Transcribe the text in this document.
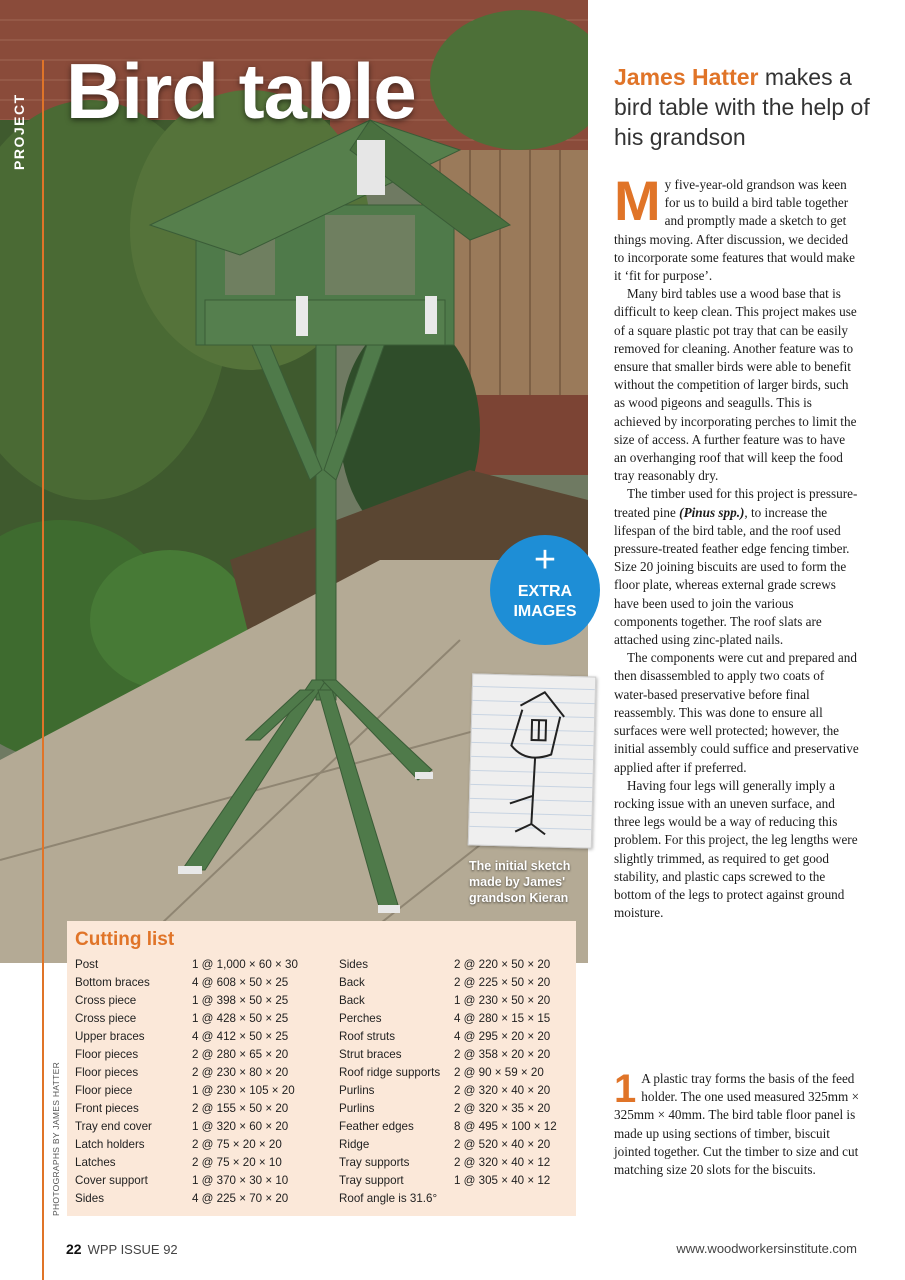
PROJECT Bird table
+
EXTRA
IMAGES
The initial sketch made by James' grandson Kieran
Cutting list
Post	1 @ 1,000 × 60 × 30
Bottom braces	4 @ 608 × 50 × 25
Cross piece	1 @ 398 × 50 × 25
Cross piece	1 @ 428 × 50 × 25
Upper braces	4 @ 412 × 50 × 25
Floor pieces	2 @ 280 × 65 × 20
Floor pieces	2 @ 230 × 80 × 20
Floor piece	1 @ 230 × 105 × 20
Front pieces	2 @ 155 × 50 × 20
Tray end cover	1 @ 320 × 60 × 20
Latch holders	2 @ 75 × 20 × 20
Latches	2 @ 75 × 20 × 10
Cover support	1 @ 370 × 30 × 10
Sides	4 @ 225 × 70 × 20
Sides	2 @ 220 × 50 × 20
Back	2 @ 225 × 50 × 20
Back	1 @ 230 × 50 × 20
Perches	4 @ 280 × 15 × 15
Roof struts	4 @ 295 × 20 × 20
Strut braces	2 @ 358 × 20 × 20
Roof ridge supports 2 @ 90 × 59 × 20
Purlins	2 @ 320 × 40 × 20
Purlins	2 @ 320 × 35 × 20
Feather edges	8 @ 495 × 100 × 12
Ridge	2 @ 520 × 40 × 20
Tray supports	2 @ 320 × 40 × 12
Tray support	1 @ 305 × 40 × 12
Roof angle is 31.6°
PHOTOGRAPHS BY JAMES HATTER
James Hatter makes a bird table with the help of his grandson

My five-year-old grandson was keen for us to build a bird table together and promptly made a sketch to get things moving. After discussion, we decided to incorporate some features that would make it ‘fit for purpose’.

Many bird tables use a wood base that is difficult to keep clean. This project makes use of a square plastic pot tray that can be easily removed for cleaning. Another feature was to ensure that smaller birds were able to benefit without the competition of larger birds, such as wood pigeons and seagulls. This is achieved by incorporating perches to limit the size of access. A further feature was to have an overhanging roof that will keep the food tray reasonably dry.

The timber used for this project is pressure-treated pine (Pinus spp.), to increase the lifespan of the bird table, and the roof used pressure-treated feather edge fencing timber. Size 20 joining biscuits are used to form the floor plate, whereas external grade screws have been used to join the various components together. The roof slats are attached using zinc-plated nails.

The components were cut and prepared and then disassembled to apply two coats of water-based preservative before final reassembly. This was done to ensure all surfaces were well protected; however, the initial assembly could suffice and preservative applied after if preferred.

Having four legs will generally imply a rocking issue with an uneven surface, and three legs would be a way of reducing this problem. For this project, the leg lengths were slightly trimmed, as required to get good stability, and plastic caps screwed to the bottom of the legs to protect against ground moisture.

1 A plastic tray forms the basis of the feed holder. The one used measured 325mm × 325mm × 40mm. The bird table floor panel is made up using sections of timber, biscuit jointed together. Cut the timber to size and cut matching size 20 slots for the biscuits.
22 WPP ISSUE 92	www.woodworkersinstitute.com
